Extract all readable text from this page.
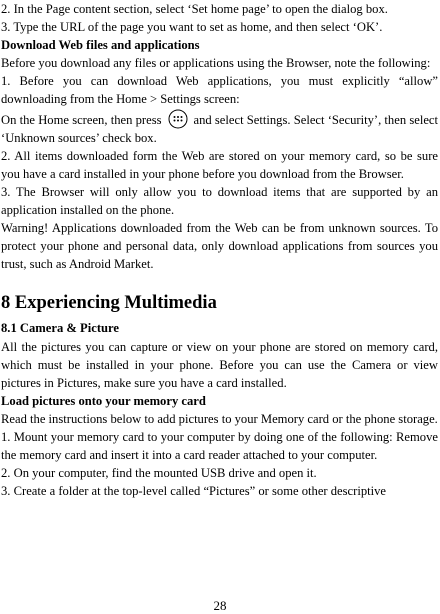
2. In the Page content section, select ‘Set home page’ to open the dialog box.

3. Type the URL of the page you want to set as home, and then select ‘OK’.

Download Web files and applications

Before you download any files or applications using the Browser, note the following:

1. Before you can download Web applications, you must explicitly “allow” downloading from the Home > Settings screen:

On the Home screen, then press	and select Settings. Select ‘Security’, then select ‘Unknown sources’ check box.

2. All items downloaded form the Web are stored on your memory card, so be sure you have a card installed in your phone before you download from the Browser.

3. The Browser will only allow you to download items that are supported by an application installed on the phone.

Warning! Applications downloaded from the Web can be from unknown sources. To protect your phone and personal data, only download applications from sources you trust, such as Android Market.

8 Experiencing Multimedia

8.1 Camera & Picture

All the pictures you can capture or view on your phone are stored on memory card, which must be installed in your phone. Before you can use the Camera or view pictures in Pictures, make sure you have a card installed.

Load pictures onto your memory card

Read the instructions below to add pictures to your Memory card or the phone storage.

1. Mount your memory card to your computer by doing one of the following: Remove the memory card and insert it into a card reader attached to your computer.

2. On your computer, find the mounted USB drive and open it.

3. Create a folder at the top-level called “Pictures” or some other descriptive

28
